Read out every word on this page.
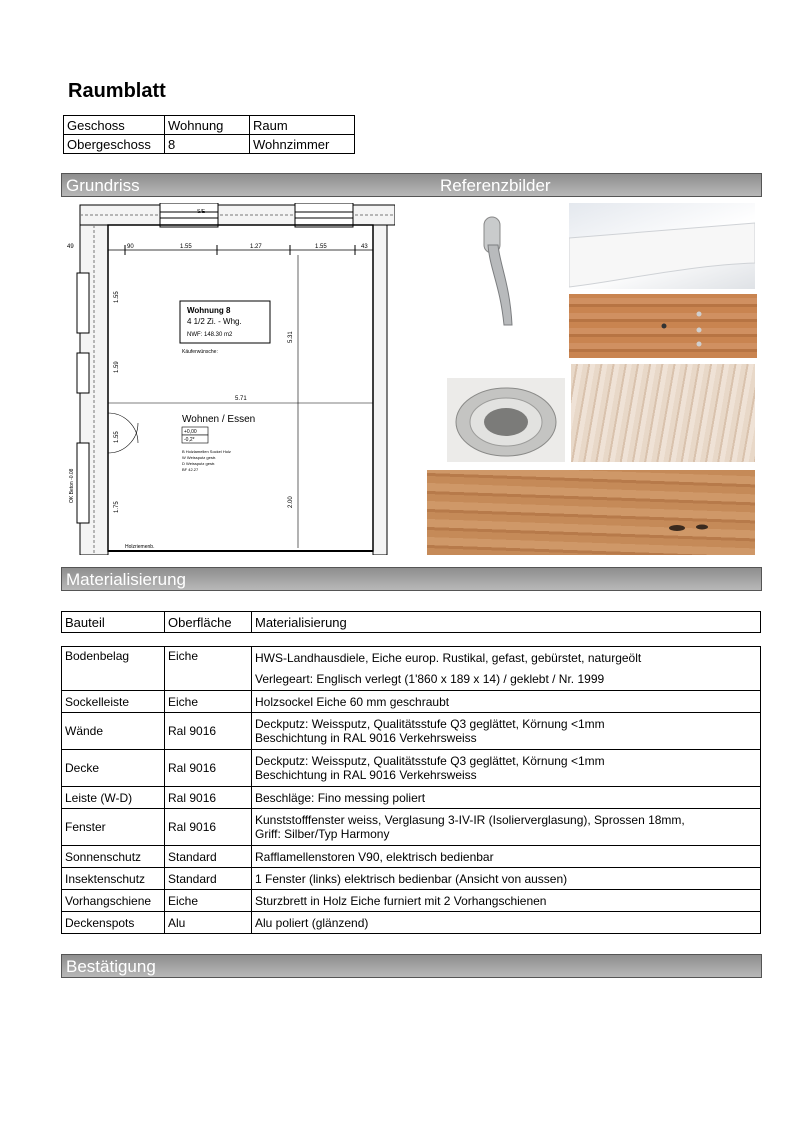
Raumblatt
Geschoss	Wohnung	Raum
Obergeschoss	8	Wohnzimmer
Grundriss	Referenzbilder
90	1.55	1.27	1.55	43
49
S/E
5.31
2.00
1.55
1.59
1.55
1.75
OK Beton -0.08
5.71
Wohnung 8
4 1/2 Zi. - Whg.
NWF: 148.30 m2
Käuferwünsche:
Wohnen / Essen
+0,00
-0,2*
B Holzlamellen Sockel Holz
W Weissputz gestr.
D Weissputz gestr.
BF 42.27
Holzriemenb.
Materialisierung
Bauteil	Oberfläche	Materialisierung
Bodenbelag	Eiche	HWS-Landhausdiele, Eiche europ. Rustikal, gefast, gebürstet, naturgeölt
		Verlegeart: Englisch verlegt (1'860 x 189 x 14) / geklebt / Nr. 1999
Sockelleiste	Eiche	Holzsockel Eiche 60 mm geschraubt
Wände	Ral 9016	Deckputz: Weissputz, Qualitätsstufe Q3 geglättet, Körnung <1mm
Beschichtung in RAL 9016 Verkehrsweiss

Decke	Ral 9016	Deckputz: Weissputz, Qualitätsstufe Q3 geglättet, Körnung <1mm
Beschichtung in RAL 9016 Verkehrsweiss

Leiste (W-D)	Ral 9016	Beschläge: Fino messing poliert
Fenster	Ral 9016	Kunststofffenster weiss, Verglasung 3-IV-IR (Isolierverglasung), Sprossen 18mm,
Griff: Silber/Typ Harmony

Sonnenschutz	Standard	Rafflamellenstoren V90, elektrisch bedienbar
Insektenschutz	Standard	1 Fenster (links) elektrisch bedienbar (Ansicht von aussen)
Vorhangschiene	Eiche	Sturzbrett in Holz Eiche furniert mit 2 Vorhangschienen
Deckenspots	Alu	Alu poliert (glänzend)
Bestätigung
